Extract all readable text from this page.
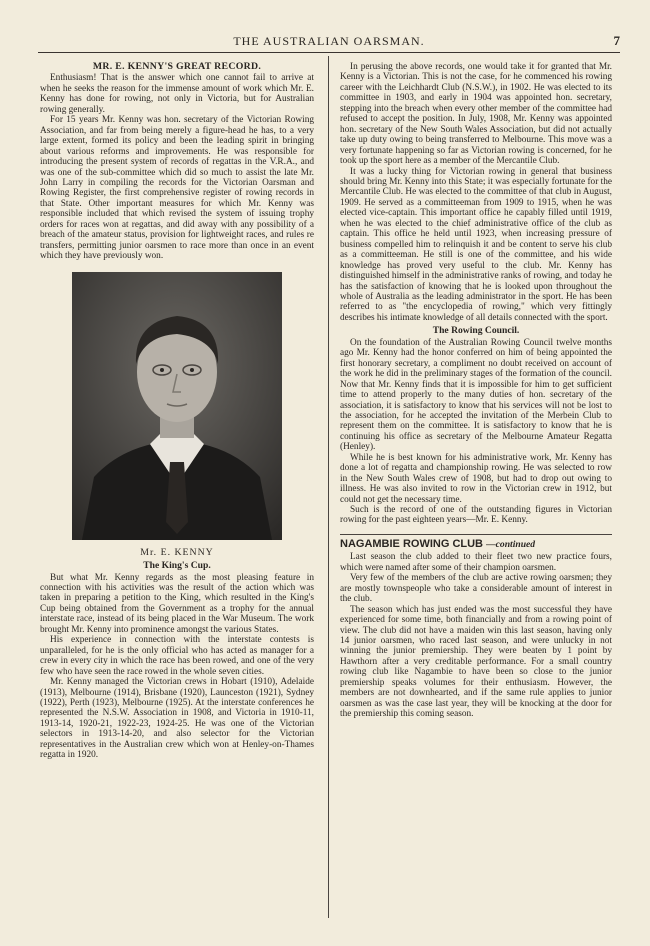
THE AUSTRALIAN OARSMAN.	7
MR. E. KENNY'S GREAT RECORD.

Enthusiasm! That is the answer which one cannot fail to arrive at when he seeks the reason for the immense amount of work which Mr. E. Kenny has done for rowing, not only in Victoria, but for Australian rowing generally.

For 15 years Mr. Kenny was hon. secretary of the Victorian Rowing Association, and far from being merely a figure-head he has, to a very large extent, formed its policy and been the leading spirit in bringing about various reforms and improvements. He was responsible for introducing the present system of records of regattas in the V.R.A., and was one of the sub-committee which did so much to assist the late Mr. John Larry in compiling the records for the Victorian Oarsman and Rowing Register, the first comprehensive register of rowing records in that State. Other important measures for which Mr. Kenny was responsible included that which revised the system of issuing trophy orders for races won at regattas, and did away with any possibility of a breach of the amateur status, provision for lightweight races, and rules re transfers, permitting junior oarsmen to race more than once in an event which they have previously won.

Mr. E. KENNY
The King's Cup.

But what Mr. Kenny regards as the most pleasing feature in connection with his activities was the result of the action which was taken in preparing a petition to the King, which resulted in the King's Cup being obtained from the Government as a trophy for the annual interstate race, instead of its being placed in the War Museum. The work brought Mr. Kenny into prominence amongst the various States.

His experience in connection with the interstate contests is unparalleled, for he is the only official who has acted as manager for a crew in every city in which the race has been rowed, and one of the very few who have seen the race rowed in the whole seven cities.

Mr. Kenny managed the Victorian crews in Hobart (1910), Adelaide (1913), Melbourne (1914), Brisbane (1920), Launceston (1921), Sydney (1922), Perth (1923), Melbourne (1925). At the interstate conferences he represented the N.S.W. Association in 1908, and Victoria in 1910-11, 1913-14, 1920-21, 1922-23, 1924-25. He was one of the Victorian selectors in 1913-14-20, and also selector for the Victorian representatives in the Australian crew which won at Henley-on-Thames regatta in 1920.

In perusing the above records, one would take it for granted that Mr. Kenny is a Victorian. This is not the case, for he commenced his rowing career with the Leichhardt Club (N.S.W.), in 1902. He was elected to its committee in 1903, and early in 1904 was appointed hon. secretary, stepping into the breach when every other member of the committee had refused to accept the position. In July, 1908, Mr. Kenny was appointed hon. secretary of the New South Wales Association, but did not actually take up duty owing to being transferred to Melbourne. This move was a very fortunate happening so far as Victorian rowing is concerned, for he took up the sport here as a member of the Mercantile Club.

It was a lucky thing for Victorian rowing in general that business should bring Mr. Kenny into this State; it was especially fortunate for the Mercantile Club. He was elected to the committee of that club in August, 1909. He served as a committeeman from 1909 to 1915, when he was elected vice-captain. This important office he capably filled until 1919, when he was elected to the chief administrative office of the club as captain. This office he held until 1923, when increasing pressure of business compelled him to relinquish it and be content to serve his club as a committeeman. He still is one of the committee, and his wide knowledge has proved very useful to the club. Mr. Kenny has distinguished himself in the administrative ranks of rowing, and today he has the satisfaction of knowing that he is looked upon throughout the whole of Australia as the leading administrator in the sport. He has been referred to as "the encyclopedia of rowing," which very fittingly describes his intimate knowledge of all details connected with the sport.

The Rowing Council.

On the foundation of the Australian Rowing Council twelve months ago Mr. Kenny had the honor conferred on him of being appointed the first honorary secretary, a compliment no doubt received on account of the work he did in the preliminary stages of the formation of the council. Now that Mr. Kenny finds that it is impossible for him to get sufficient time to attend properly to the many duties of hon. secretary of the association, it is satisfactory to know that his services will not be lost to the association, for he accepted the invitation of the Merbein Club to represent them on the committee. It is satisfactory to know that he is continuing his office as secretary of the Melbourne Amateur Regatta (Henley).

While he is best known for his administrative work, Mr. Kenny has done a lot of regatta and championship rowing. He was selected to row in the New South Wales crew of 1908, but had to drop out owing to illness. He was also invited to row in the Victorian crew in 1912, but could not get the necessary time.

Such is the record of one of the outstanding figures in Victorian rowing for the past eighteen years—Mr. E. Kenny.

NAGAMBIE ROWING CLUB —continued

Last season the club added to their fleet two new practice fours, which were named after some of their champion oarsmen.

Very few of the members of the club are active rowing oarsmen; they are mostly townspeople who take a considerable amount of interest in the club.

The season which has just ended was the most successful they have experienced for some time, both financially and from a rowing point of view. The club did not have a maiden win this last season, having only 14 junior oarsmen, who raced last season, and were unlucky in not winning the junior premiership. They were beaten by 1 point by Hawthorn after a very creditable performance. For a small country rowing club like Nagambie to have been so close to the junior premiership speaks volumes for their enthusiasm. However, the members are not downhearted, and if the same rule applies to junior oarsmen as was the case last year, they will be knocking at the door for the premiership this coming season.
